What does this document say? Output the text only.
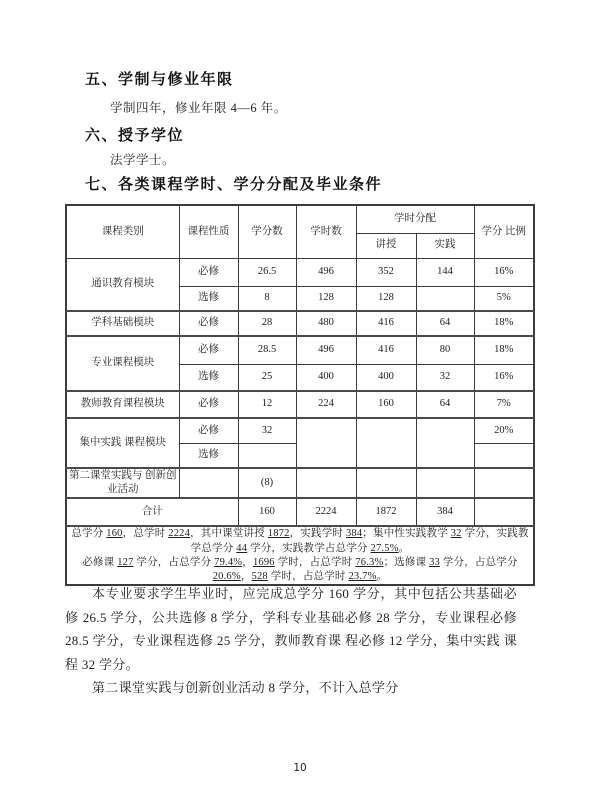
五、学制与修业年限
学制四年，修业年限 4—6 年。
六、授予学位
法学学士。
七、各类课程学时、学分分配及毕业条件
课程类别	课程性质	学分数	学时数	学时分配		学分 比例
				讲授	实践	
通识教育模块	必修	26.5	496	352	144	16%
	选修	8	128	128		5%
学科基础模块	必修	28	480	416	64	18%
专业课程模块	必修	28.5	496	416	80	18%
	选修	25	400	400	32	16%
教师教育课程模块	必修	12	224	160	64	7%
集中实践 课程模块	必修	32				20%
	选修					
第二课堂实践与 创新创业活动		(8)				
合计		160	2224	1872	384	

总学分 160，总学时 2224，其中课堂讲授 1872，实践学时 384；集中性实践教学 32 学分，实践教学总学分 44 学分，实践教学占总学分 27.5%。
必修课 127 学分，占总学分 79.4%，1696 学时，占总学时 76.3%；选修课 33 学分，占总学分 20.6%，528 学时，占总学时 23.7%。						

本专业要求学生毕业时，应完成总学分 160 学分，其中包括公共基础必修 26.5 学分，公共选修 8 学分，学科专业基础必修 28 学分，专业课程必修 28.5 学分，专业课程选修 25 学分，教师教育课 程必修 12 学分，集中实践 课程 32 学分。

第二课堂实践与创新创业活动 8 学分，不计入总学分

10
